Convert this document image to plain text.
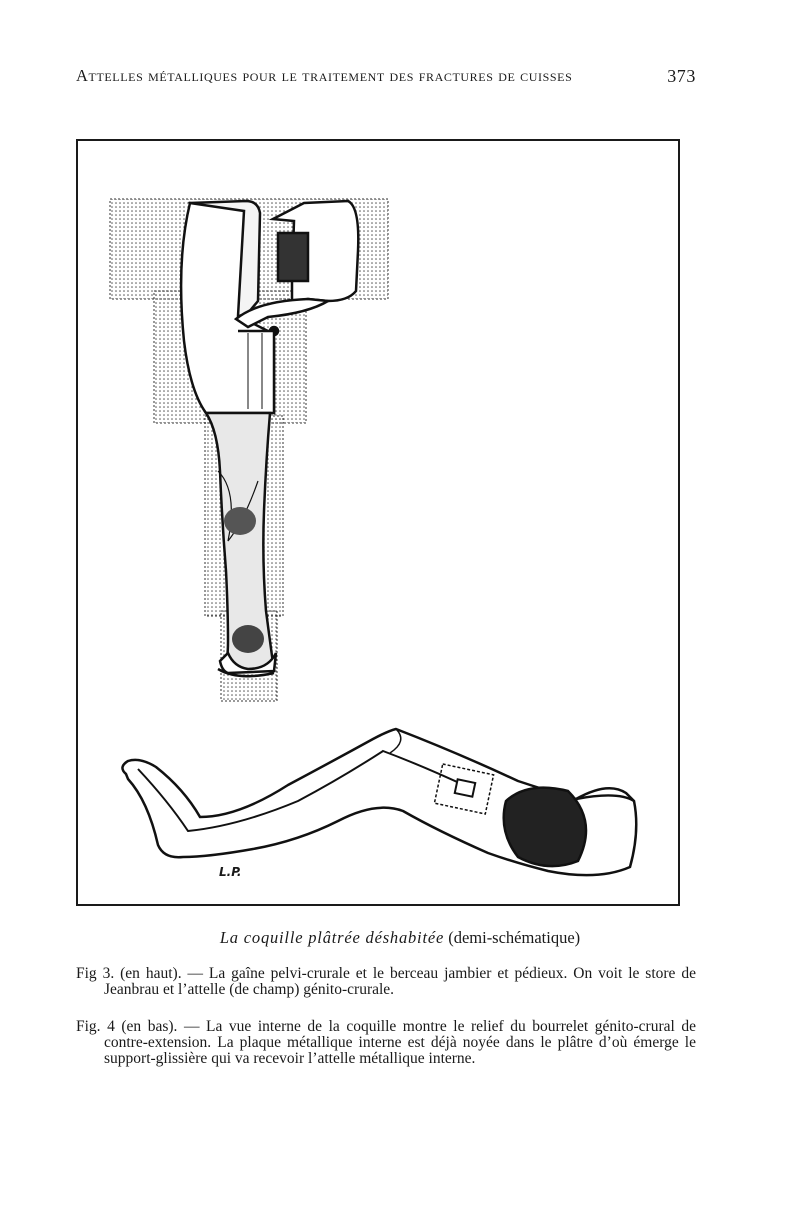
Attelles métalliques pour le traitement des fractures de cuisses	373
L.P.
La coquille plâtrée déshabitée (demi-schématique)

Fig 3. (en haut). — La gaîne pelvi-crurale et le berceau jambier et pédieux. On voit le store de Jeanbrau et l’attelle (de champ) génito-crurale.

Fig. 4 (en bas). — La vue interne de la coquille montre le relief du bourrelet génito-crural de contre-extension. La plaque métallique interne est déjà noyée dans le plâtre d’où émerge le support-glissière qui va recevoir l’attelle métallique interne.
